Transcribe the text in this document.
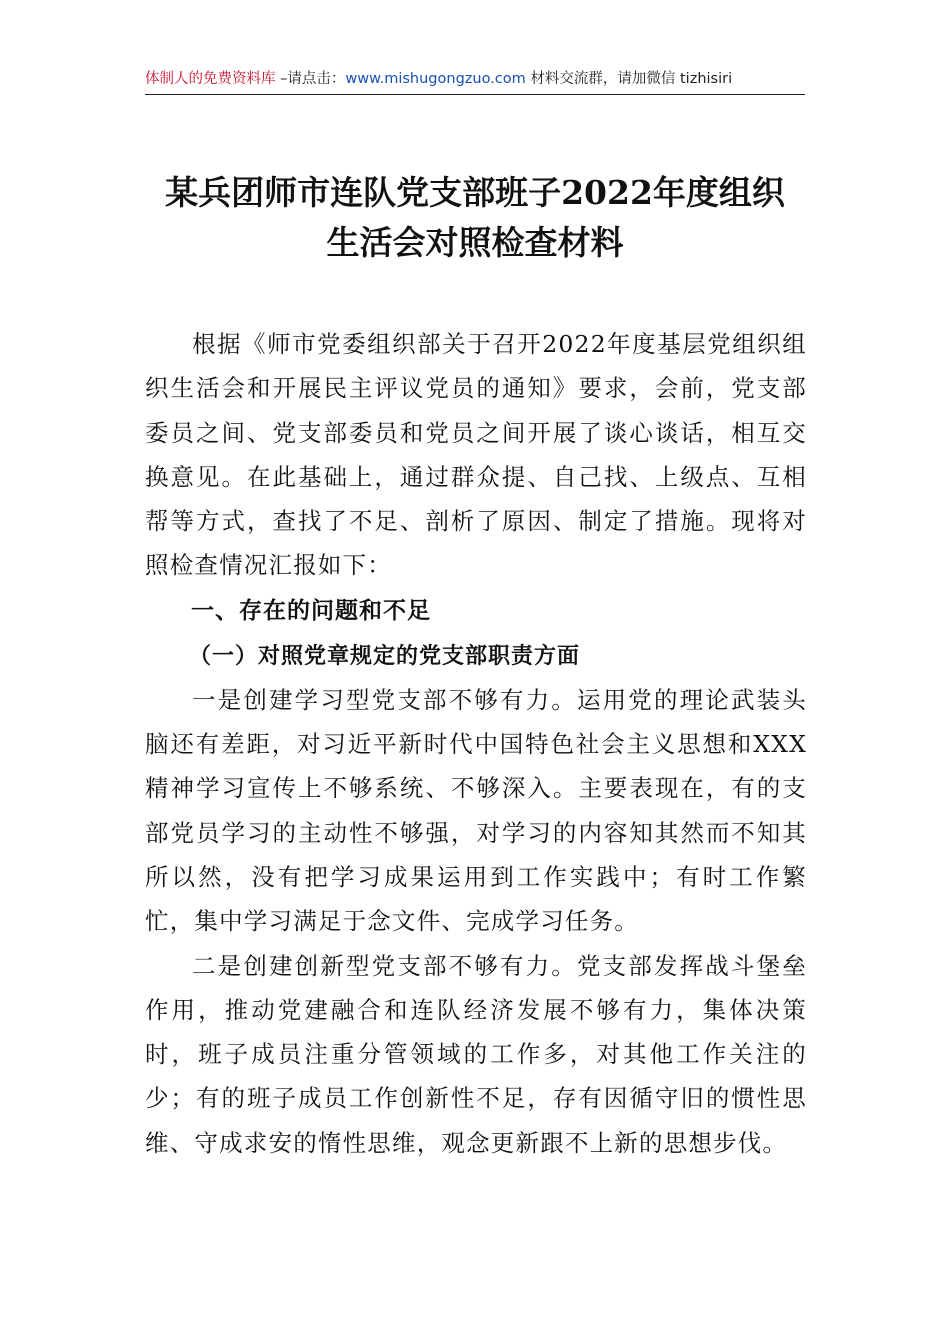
体制人的免费资料库 –请点击：www.mishugongzuo.com 材料交流群，请加微信 tizhisiri
某兵团师市连队党支部班子2022年度组织
生活会对照检查材料

根据《师市党委组织部关于召开2022年度基层党组织组织生活会和开展民主评议党员的通知》要求，会前，党支部委员之间、党支部委员和党员之间开展了谈心谈话，相互交换意见。在此基础上，通过群众提、自己找、上级点、互相帮等方式，查找了不足、剖析了原因、制定了措施。现将对照检查情况汇报如下：

一、存在的问题和不足

（一）对照党章规定的党支部职责方面

一是创建学习型党支部不够有力。运用党的理论武装头脑还有差距，对习近平新时代中国特色社会主义思想和XXX精神学习宣传上不够系统、不够深入。主要表现在，有的支部党员学习的主动性不够强，对学习的内容知其然而不知其所以然，没有把学习成果运用到工作实践中；有时工作繁忙，集中学习满足于念文件、完成学习任务。

二是创建创新型党支部不够有力。党支部发挥战斗堡垒作用，推动党建融合和连队经济发展不够有力，集体决策时，班子成员注重分管领域的工作多，对其他工作关注的少；有的班子成员工作创新性不足，存有因循守旧的惯性思维、守成求安的惰性思维，观念更新跟不上新的思想步伐。
